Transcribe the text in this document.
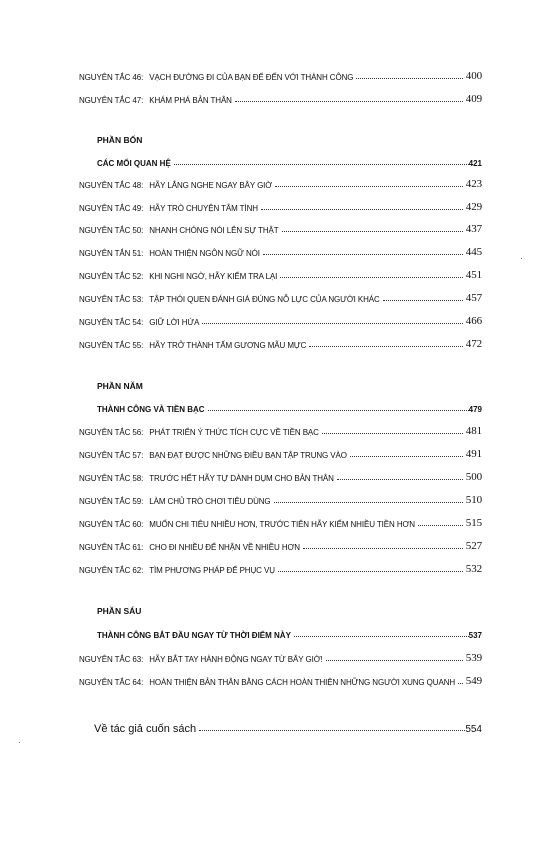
NGUYÊN TẮC 46: VẠCH ĐƯỜNG ĐI CỦA BẠN ĐỂ ĐẾN VỚI THÀNH CÔNG	400
NGUYÊN TẮC 47: KHÁM PHÁ BẢN THÂN	409
PHẦN BỐN
CÁC MỐI QUAN HỆ	421
NGUYÊN TẮC 48: HÃY LẮNG NGHE NGAY BÂY GIỜ	423
NGUYÊN TẮC 49: HÃY TRÒ CHUYỆN TÂM TÌNH	429
NGUYÊN TẮC 50: NHANH CHÓNG NÓI LÊN SỰ THẬT	437
NGUYÊN TẮN 51: HOÀN THIỆN NGÔN NGỮ NÓI	445
NGUYÊN TẮC 52: KHI NGHI NGỜ, HÃY KIỂM TRA LẠI	451
NGUYÊN TẮC 53: TẬP THÓI QUEN ĐÁNH GIÁ ĐÚNG NỖ LỰC CỦA NGƯỜI KHÁC	457
NGUYÊN TẮC 54: GIỮ LỜI HỨA	466
NGUYÊN TẮC 55: HÃY TRỞ THÀNH TẤM GƯƠNG MẪU MỰC	472
PHẦN NĂM
THÀNH CÔNG VÀ TIỀN BẠC	479
NGUYÊN TẮC 56: PHÁT TRIỂN Ý THỨC TÍCH CỰC VỀ TIỀN BẠC	481
NGUYÊN TẮC 57: BẠN ĐẠT ĐƯỢC NHỮNG ĐIỀU BẠN TẬP TRUNG VÀO	491
NGUYÊN TẮC 58: TRƯỚC HẾT HÃY TỰ DÀNH DỤM CHO BẢN THÂN	500
NGUYÊN TẮC 59: LÀM CHỦ TRÒ CHƠI TIÊU DÙNG	510
NGUYÊN TẮC 60: MUỐN CHI TIÊU NHIỀU HƠN, TRƯỚC TIÊN HÃY KIẾM NHIỀU TIỀN HƠN	515
NGUYÊN TẮC 61: CHO ĐI NHIỀU ĐỂ NHẬN VỀ NHIỀU HƠN	527
NGUYÊN TẮC 62: TÌM PHƯƠNG PHÁP ĐỂ PHỤC VỤ	532
PHẦN SÁU
THÀNH CÔNG BẮT ĐẦU NGAY TỪ THỜI ĐIỂM NÀY	537
NGUYÊN TẮC 63: HÃY BẮT TAY HÀNH ĐỘNG NGAY TỪ BÂY GIỜ!	539
NGUYÊN TẮC 64: HOÀN THIỆN BẢN THÂN BẰNG CÁCH HOÀN THIỆN NHỮNG NGƯỜI XUNG QUANH 549
Về tác giả cuốn sách	554
